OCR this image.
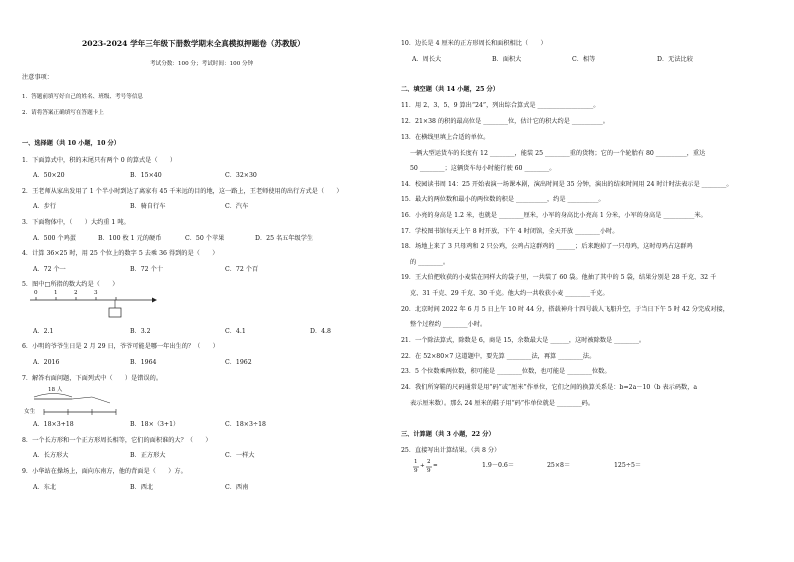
2023-2024 学年三年级下册数学期末全真模拟押题卷（苏教版）
考试分数：100 分；考试时间：100 分钟
注意事项：
1．答题前填写好自己的姓名、班级、考号等信息
2．请将答案正确填写在答题卡上
一、选择题（共 10 小题，10 分）
1．下面算式中，积的末尾只有两个 0 的算式是（　　）
A．50×20	B．15×40	C．32×30
2．王老师从家出发用了 1 个半小时到达了离家有 45 千米远的目的地，这一路上，王老师使用的出行方式是（　　）
A．步行	B．骑自行车	C．汽车
3．下面物体中，（　　）大约重 1 吨。
A．500 个鸡蛋	B．100 枚 1 元的硬币	C．50 个苹果	D．25 名五年级学生
4．计算 36×25 时，用 25 个位上的数字 5 去乘 36 得到的是（　　）
A．72 个一	B．72 个十	C．72 个百
5．图中□所指的数大约是（　　）
0	1	2	3
A．2.1	B．3.2	C．4.1	D．4.8
6．小明的爷爷生日是 2 月 29 日，爷爷可能是哪一年出生的？（　　）
A．2016	B．1964	C．1962
7．解答右面问题，下面列式中（　　）是错误的。
18 人
女生
A．18×3+18	B．18×（3+1）	C．18×3÷18
8．一个长方形和一个正方形周长相等，它们的面积谁的大？（　　）
A．长方形大	B．正方形大	C．一样大
9．小华站在操场上，面向东南方，他的背面是（　　）方。
A．东北	B．西北	C．西南
10．边长是 4 厘米的正方形周长和面积相比（　　）
A．周长大	B．面积大	C．相等	D．无法比较
二、填空题（共 14 小题，25 分）
11．用 2、3、5、9 算出“24”，列出综合算式是 __________________。
12．21×38 的积的最高位是 ________位，估计它的积大约是 __________。
13．在横线里填上合适的单位。
一辆大型运货车的长度有 12 ________，能装 25 ________重的货物；它的一个轮胎有 80 __________，重达
50 ________；这辆货车每小时能行驶 60 ________。
14．校园读书周 14：25 开始表演一场课本剧，演出时间是 35 分钟，演出的结束时间用 24 时计时法表示是 ________。
15．最大的两位数和最小的两位数的积是 __________，约是 __________。
16．小亮的身高是 1.2 米，也就是 ________厘米，小军的身高比小亮高 1 分米，小军的身高是 __________米。
17．学校图书馆每天上午 8 时开放，下午 4 时闭馆，全天开放 ________小时。
18．场地上来了 3 只母鸡和 2 只公鸡，公鸡占这群鸡的 ______；后来跑掉了一只母鸡，这时母鸡占这群鸡
的 ________。
19．王大伯把收获的小麦装在同样大的袋子里，一共装了 60 袋。他抽了其中的 5 袋，结果分别是 28 千克、32 千
克、31 千克、29 千克、30 千克。他大约一共收获小麦 ________千克。
20．北京时间 2022 年 6 月 5 日上午 10 时 44 分，搭载神舟十四号载人飞船升空，于当日下午 5 时 42 分完成对接，
整个过程约 ________小时。
21．一个除法算式，除数是 6，商是 15，余数最大是 ______，这时被除数是 ________。
22．在 52×80×7 这道题中，要先算 ________法，再算 ________法。
23．5 个位数乘两位数，积可能是 ________位数，也可能是 ________位数。
24．我们所穿鞋的尺码通常是用“码”或“厘米”作单位，它们之间的换算关系是：b=2a－10（b 表示码数，a
表示厘米数）。那么 24 厘米的鞋子用“码”作单位就是 ________码。
三、计算题（共 3 小题，22 分）
25．直接写出计算结果。（共 8 分）
1
9
+
2
9
=	1.9－0.6＝	25×8＝	125÷5＝
